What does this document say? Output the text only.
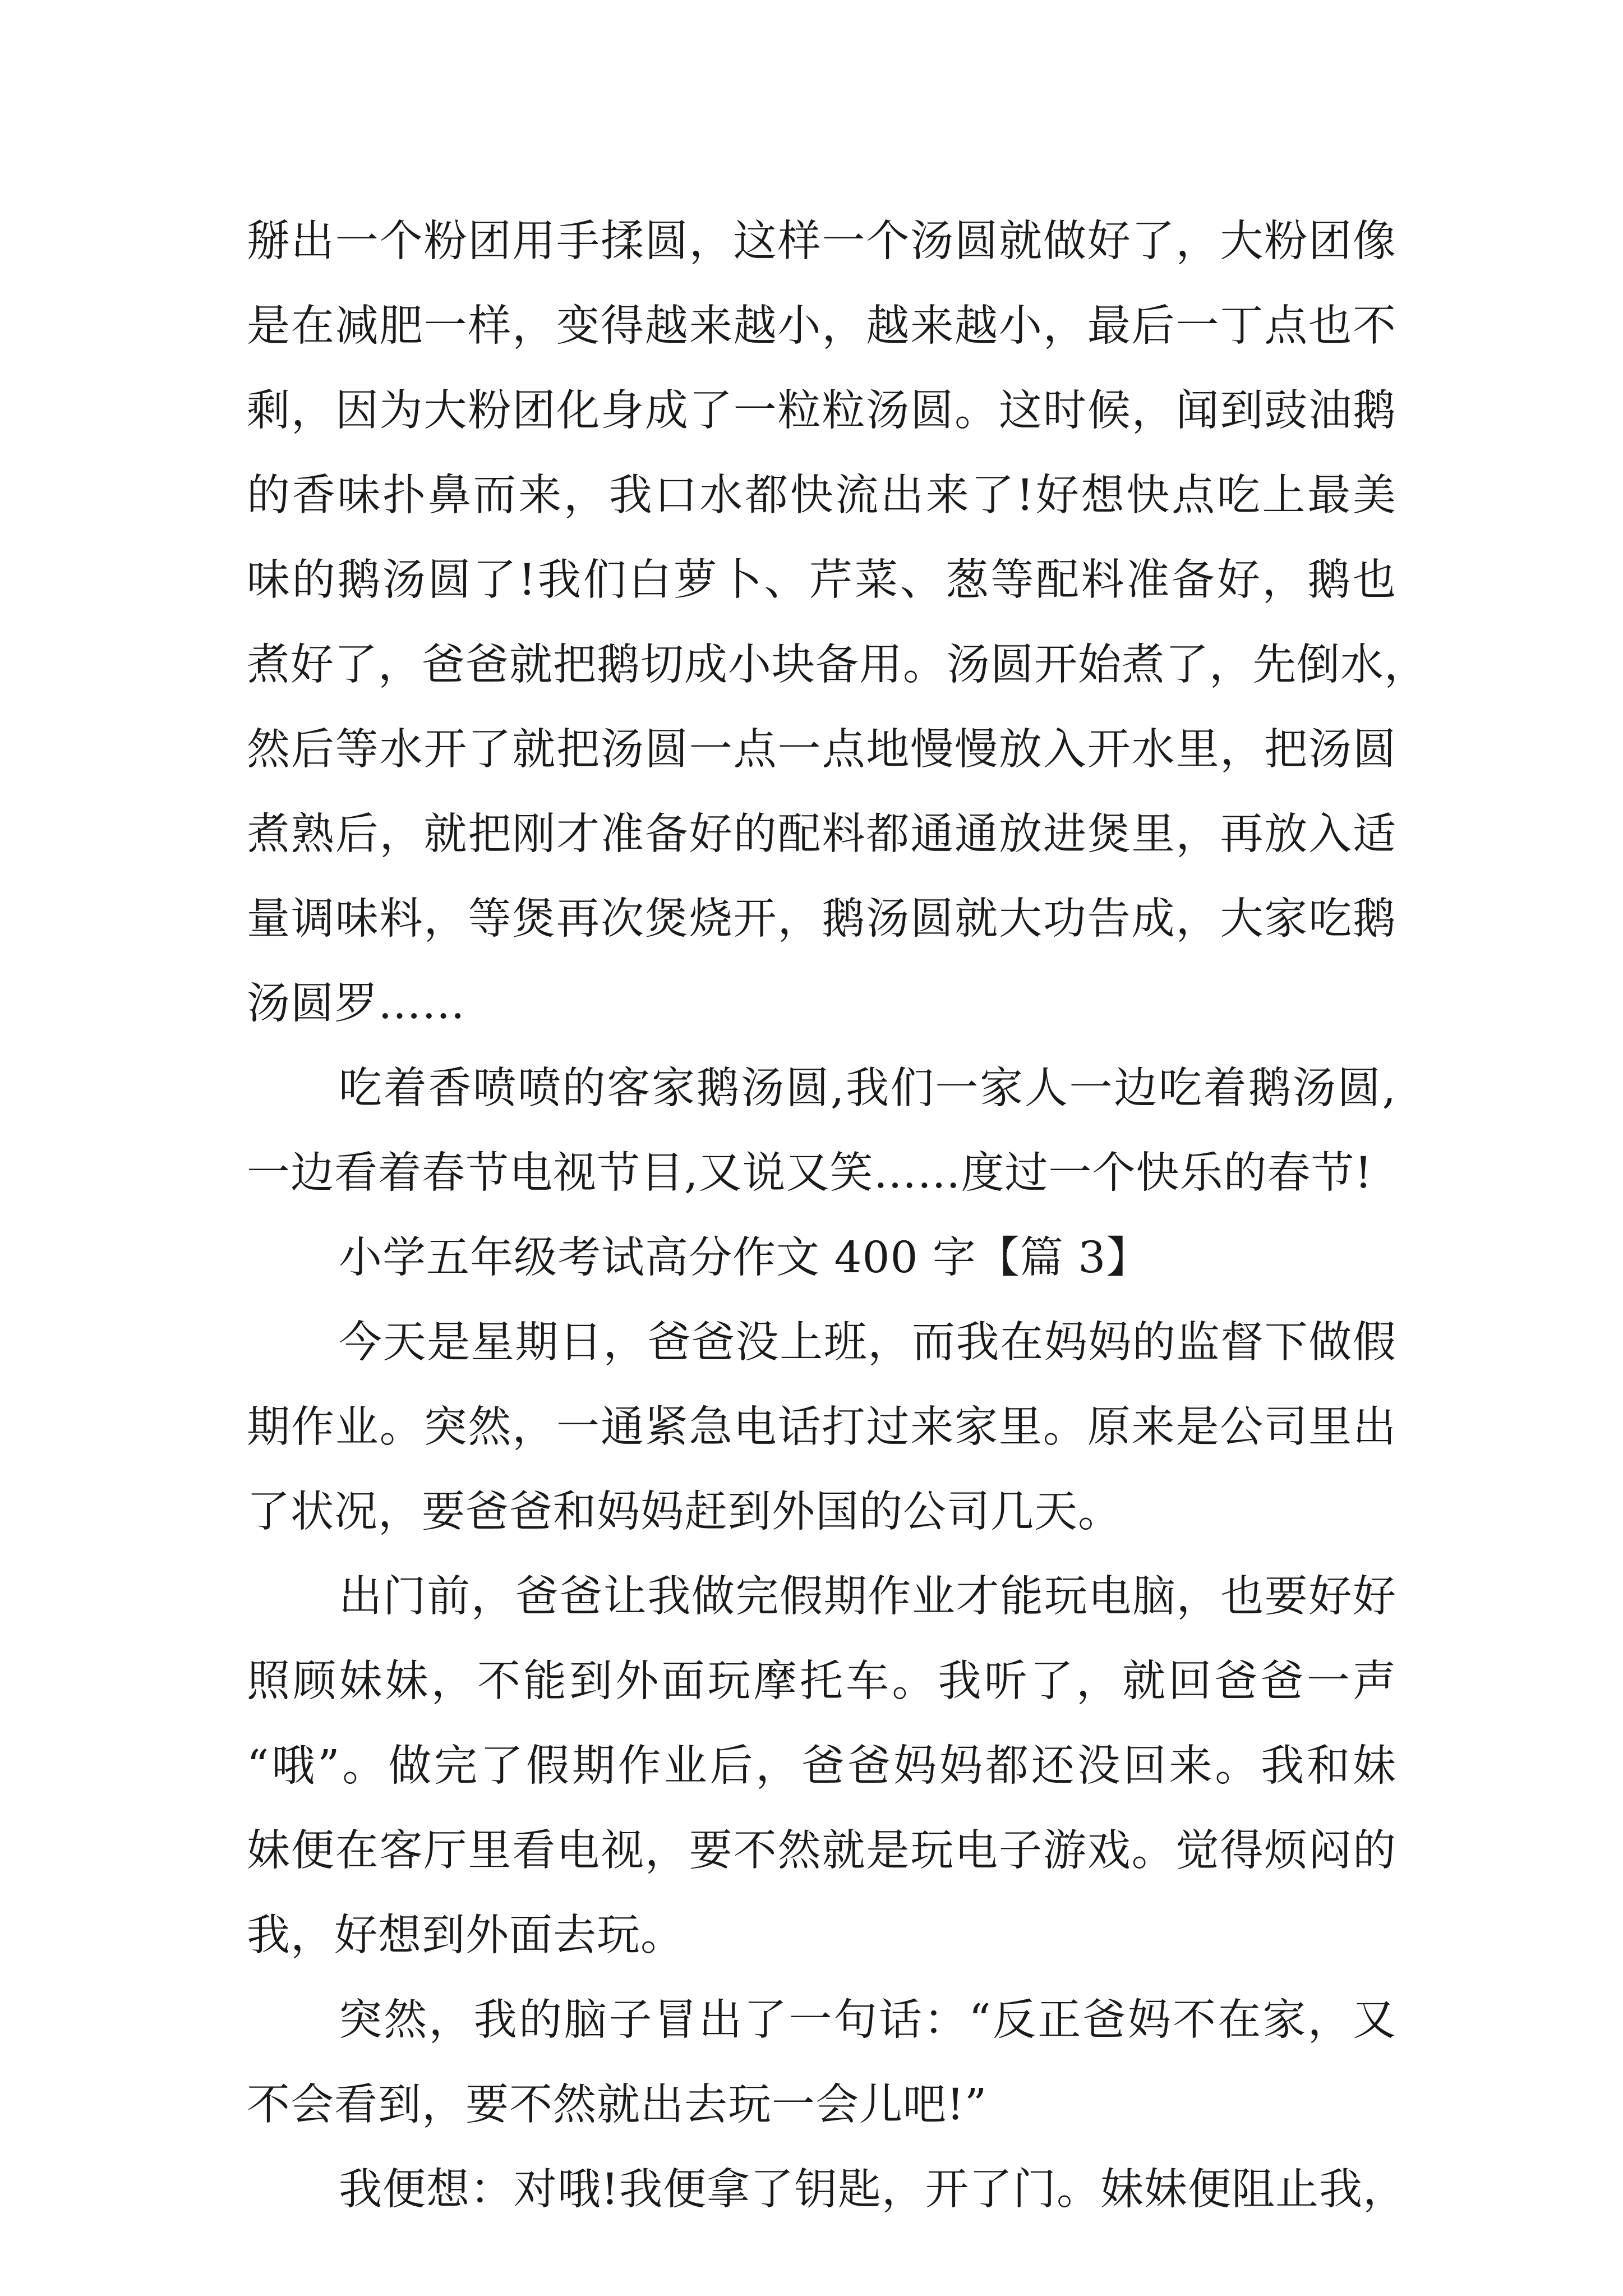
掰出一个粉团用手揉圆，这样一个汤圆就做好了，大粉团像
是在减肥一样，变得越来越小，越来越小，最后一丁点也不
剩，因为大粉团化身成了一粒粒汤圆。这时候，闻到豉油鹅
的香味扑鼻而来，我口水都快流出来了!好想快点吃上最美
味的鹅汤圆了!我们白萝卜、芹菜、葱等配料准备好，鹅也
煮好了，爸爸就把鹅切成小块备用。汤圆开始煮了，先倒水，
然后等水开了就把汤圆一点一点地慢慢放入开水里，把汤圆
煮熟后，就把刚才准备好的配料都通通放进煲里，再放入适
量调味料，等煲再次煲烧开，鹅汤圆就大功告成，大家吃鹅
汤圆罗……
吃着香喷喷的客家鹅汤圆,我们一家人一边吃着鹅汤圆,
一边看着春节电视节目,又说又笑……度过一个快乐的春节!
小学五年级考试高分作文 400 字【篇 3】
今天是星期日，爸爸没上班，而我在妈妈的监督下做假
期作业。突然，一通紧急电话打过来家里。原来是公司里出
了状况，要爸爸和妈妈赶到外国的公司几天。
出门前，爸爸让我做完假期作业才能玩电脑，也要好好
照顾妹妹，不能到外面玩摩托车。我听了，就回爸爸一声
“哦”。做完了假期作业后，爸爸妈妈都还没回来。我和妹
妹便在客厅里看电视，要不然就是玩电子游戏。觉得烦闷的
我，好想到外面去玩。
突然，我的脑子冒出了一句话：“反正爸妈不在家，又
不会看到，要不然就出去玩一会儿吧!”
我便想：对哦!我便拿了钥匙，开了门。妹妹便阻止我，
